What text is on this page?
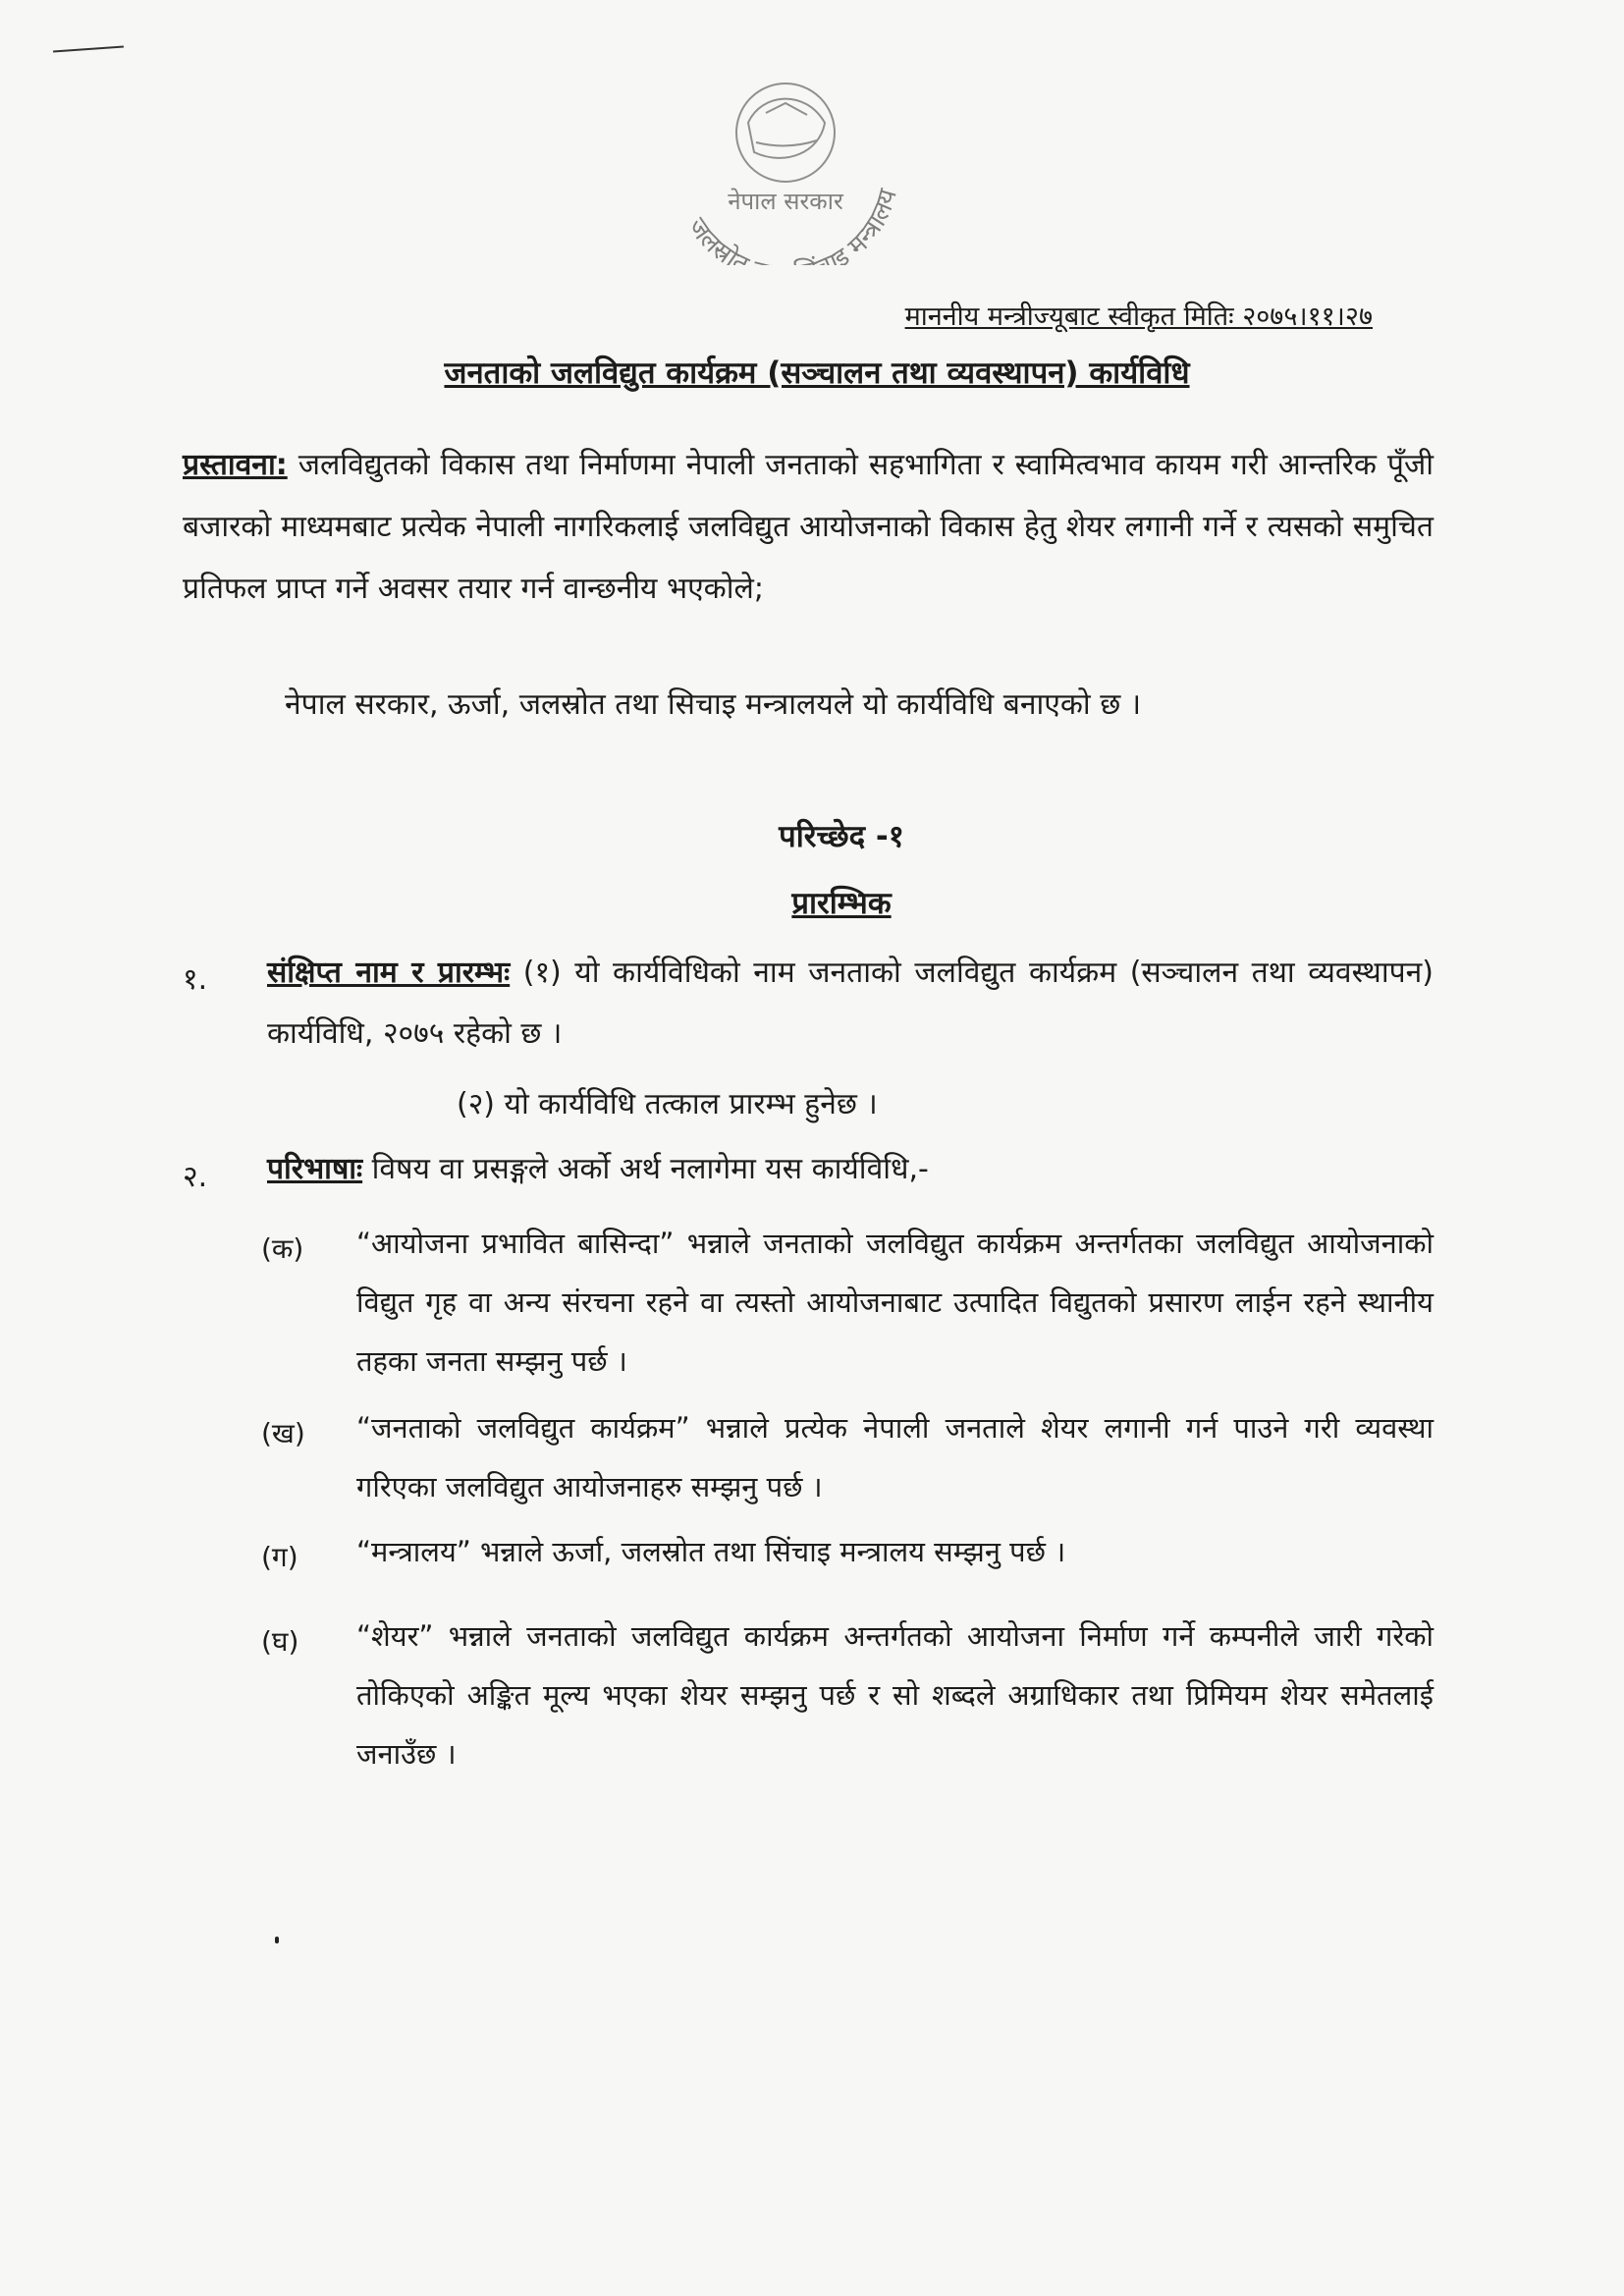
जलस्रोत इ मन्त्रालय
नेपाल सरकार
माननीय मन्त्रीज्यूबाट स्वीकृत मितिः २०७५।११।२७
जनताको जलविद्युत कार्यक्रम (सञ्चालन तथा व्यवस्थापन) कार्यविधि

प्रस्तावना: जलविद्युतको विकास तथा निर्माणमा नेपाली जनताको सहभागिता र स्वामित्वभाव कायम गरी आन्तरिक पूँजी बजारको माध्यमबाट प्रत्येक नेपाली नागरिकलाई जलविद्युत आयोजनाको विकास हेतु शेयर लगानी गर्ने र त्यसको समुचित प्रतिफल प्राप्त गर्ने अवसर तयार गर्न वान्छनीय भएकोले;

नेपाल सरकार, ऊर्जा, जलस्रोत तथा सिचाइ मन्त्रालयले यो कार्यविधि बनाएको छ ।

परिच्छेद -१
प्रारम्भिक
१. संक्षिप्त नाम र प्रारम्भः (१) यो कार्यविधिको नाम जनताको जलविद्युत कार्यक्रम (सञ्चालन तथा व्यवस्थापन) कार्यविधि, २०७५ रहेको छ ।

(२) यो कार्यविधि तत्काल प्रारम्भ हुनेछ ।
२. परिभाषाः विषय वा प्रसङ्गले अर्को अर्थ नलागेमा यस कार्यविधि,-

(क) “आयोजना प्रभावित बासिन्दा” भन्नाले जनताको जलविद्युत कार्यक्रम अन्तर्गतका जलविद्युत आयोजनाको विद्युत गृह वा अन्य संरचना रहने वा त्यस्तो आयोजनाबाट उत्पादित विद्युतको प्रसारण लाईन रहने स्थानीय तहका जनता सम्झनु पर्छ ।

(ख) “जनताको जलविद्युत कार्यक्रम” भन्नाले प्रत्येक नेपाली जनताले शेयर लगानी गर्न पाउने गरी व्यवस्था गरिएका जलविद्युत आयोजनाहरु सम्झनु पर्छ ।

(ग) “मन्त्रालय” भन्नाले ऊर्जा, जलस्रोत तथा सिंचाइ मन्त्रालय सम्झनु पर्छ ।

(घ) “शेयर” भन्नाले जनताको जलविद्युत कार्यक्रम अन्तर्गतको आयोजना निर्माण गर्ने कम्पनीले जारी गरेको तोकिएको अङ्कित मूल्य भएका शेयर सम्झनु पर्छ र सो शब्दले अग्राधिकार तथा प्रिमियम शेयर समेतलाई जनाउँछ ।
